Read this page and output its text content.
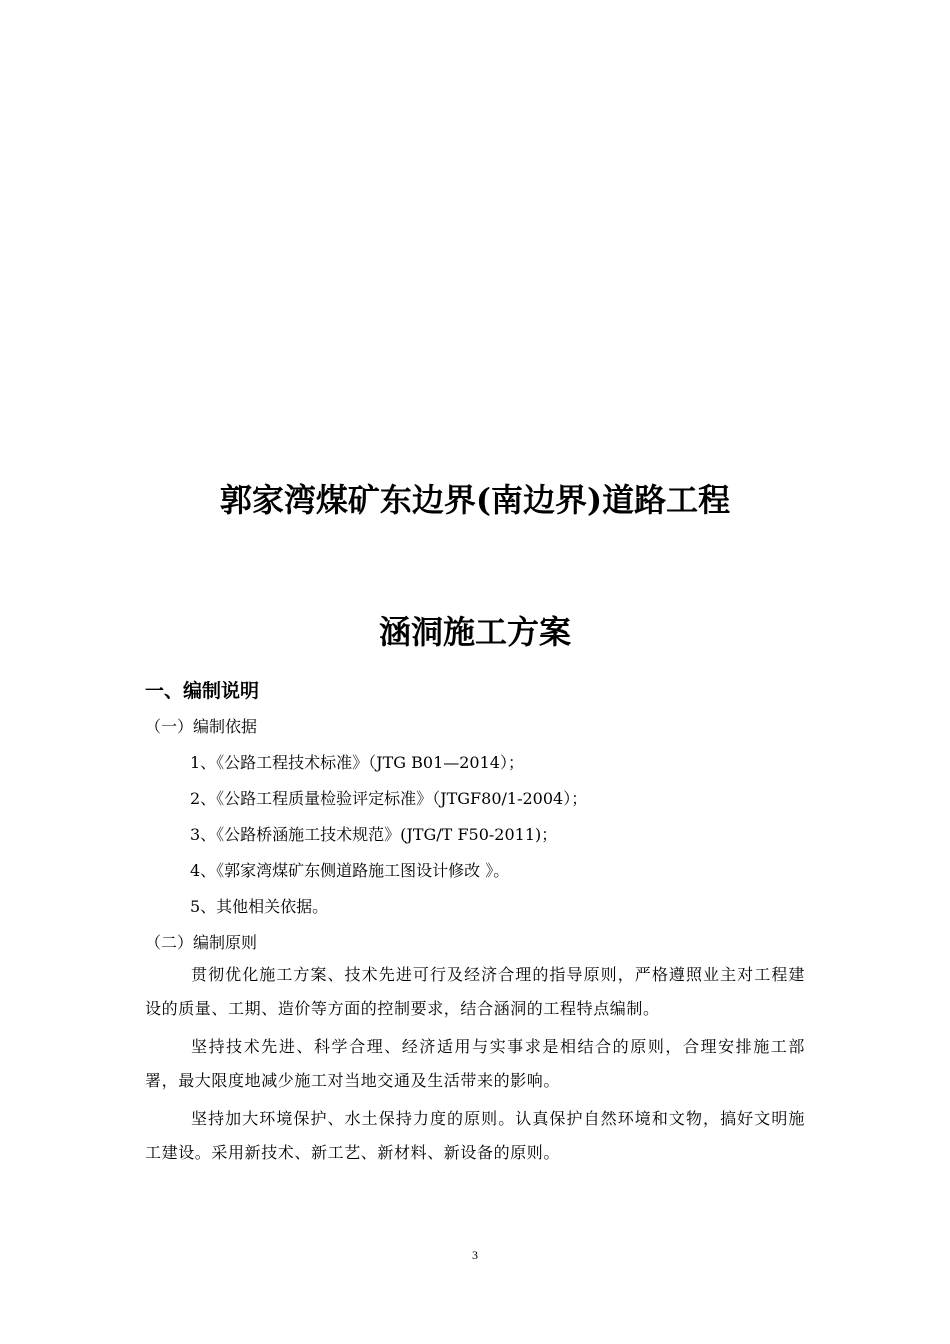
郭家湾煤矿东边界(南边界)道路工程
涵洞施工方案
一、编制说明
（一）编制依据
1、《公路工程技术标准》（JTG B01—2014）；
2、《公路工程质量检验评定标准》（JTGF80/1-2004）；
3、《公路桥涵施工技术规范》(JTG/T F50-2011)；
4、《郭家湾煤矿东侧道路施工图设计修改 》。
5、其他相关依据。
（二）编制原则
贯彻优化施工方案、技术先进可行及经济合理的指导原则，严格遵照业主对工程建设的质量、工期、造价等方面的控制要求，结合涵洞的工程特点编制。
坚持技术先进、科学合理、经济适用与实事求是相结合的原则，合理安排施工部署，最大限度地减少施工对当地交通及生活带来的影响。
坚持加大环境保护、水土保持力度的原则。认真保护自然环境和文物，搞好文明施工建设。采用新技术、新工艺、新材料、新设备的原则。
3
